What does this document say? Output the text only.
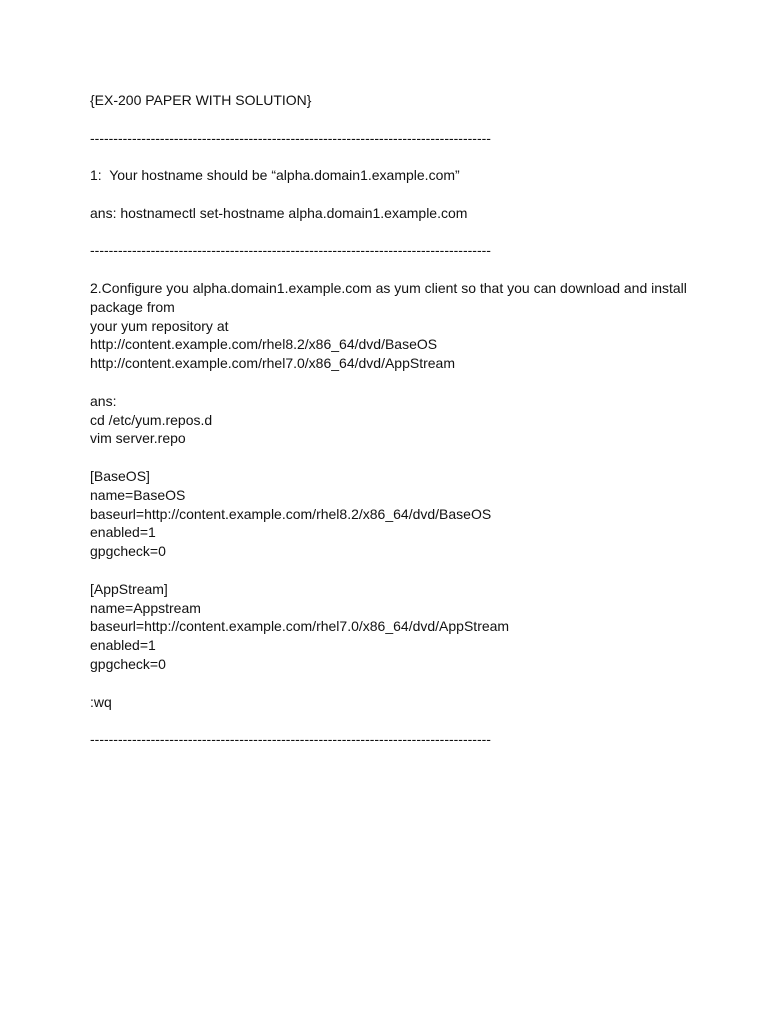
{EX-200 PAPER WITH SOLUTION}
--------------------------------------------------------------------------------------
1:  Your hostname should be “alpha.domain1.example.com”
ans: hostnamectl set-hostname alpha.domain1.example.com
--------------------------------------------------------------------------------------
2.Configure you alpha.domain1.example.com as yum client so that you can download and install package from
your yum repository at
http://content.example.com/rhel8.2/x86_64/dvd/BaseOS
http://content.example.com/rhel7.0/x86_64/dvd/AppStream
ans:
cd /etc/yum.repos.d
vim server.repo
[BaseOS]
name=BaseOS
baseurl=http://content.example.com/rhel8.2/x86_64/dvd/BaseOS
enabled=1
gpgcheck=0
[AppStream]
name=Appstream
baseurl=http://content.example.com/rhel7.0/x86_64/dvd/AppStream
enabled=1
gpgcheck=0
:wq
--------------------------------------------------------------------------------------
